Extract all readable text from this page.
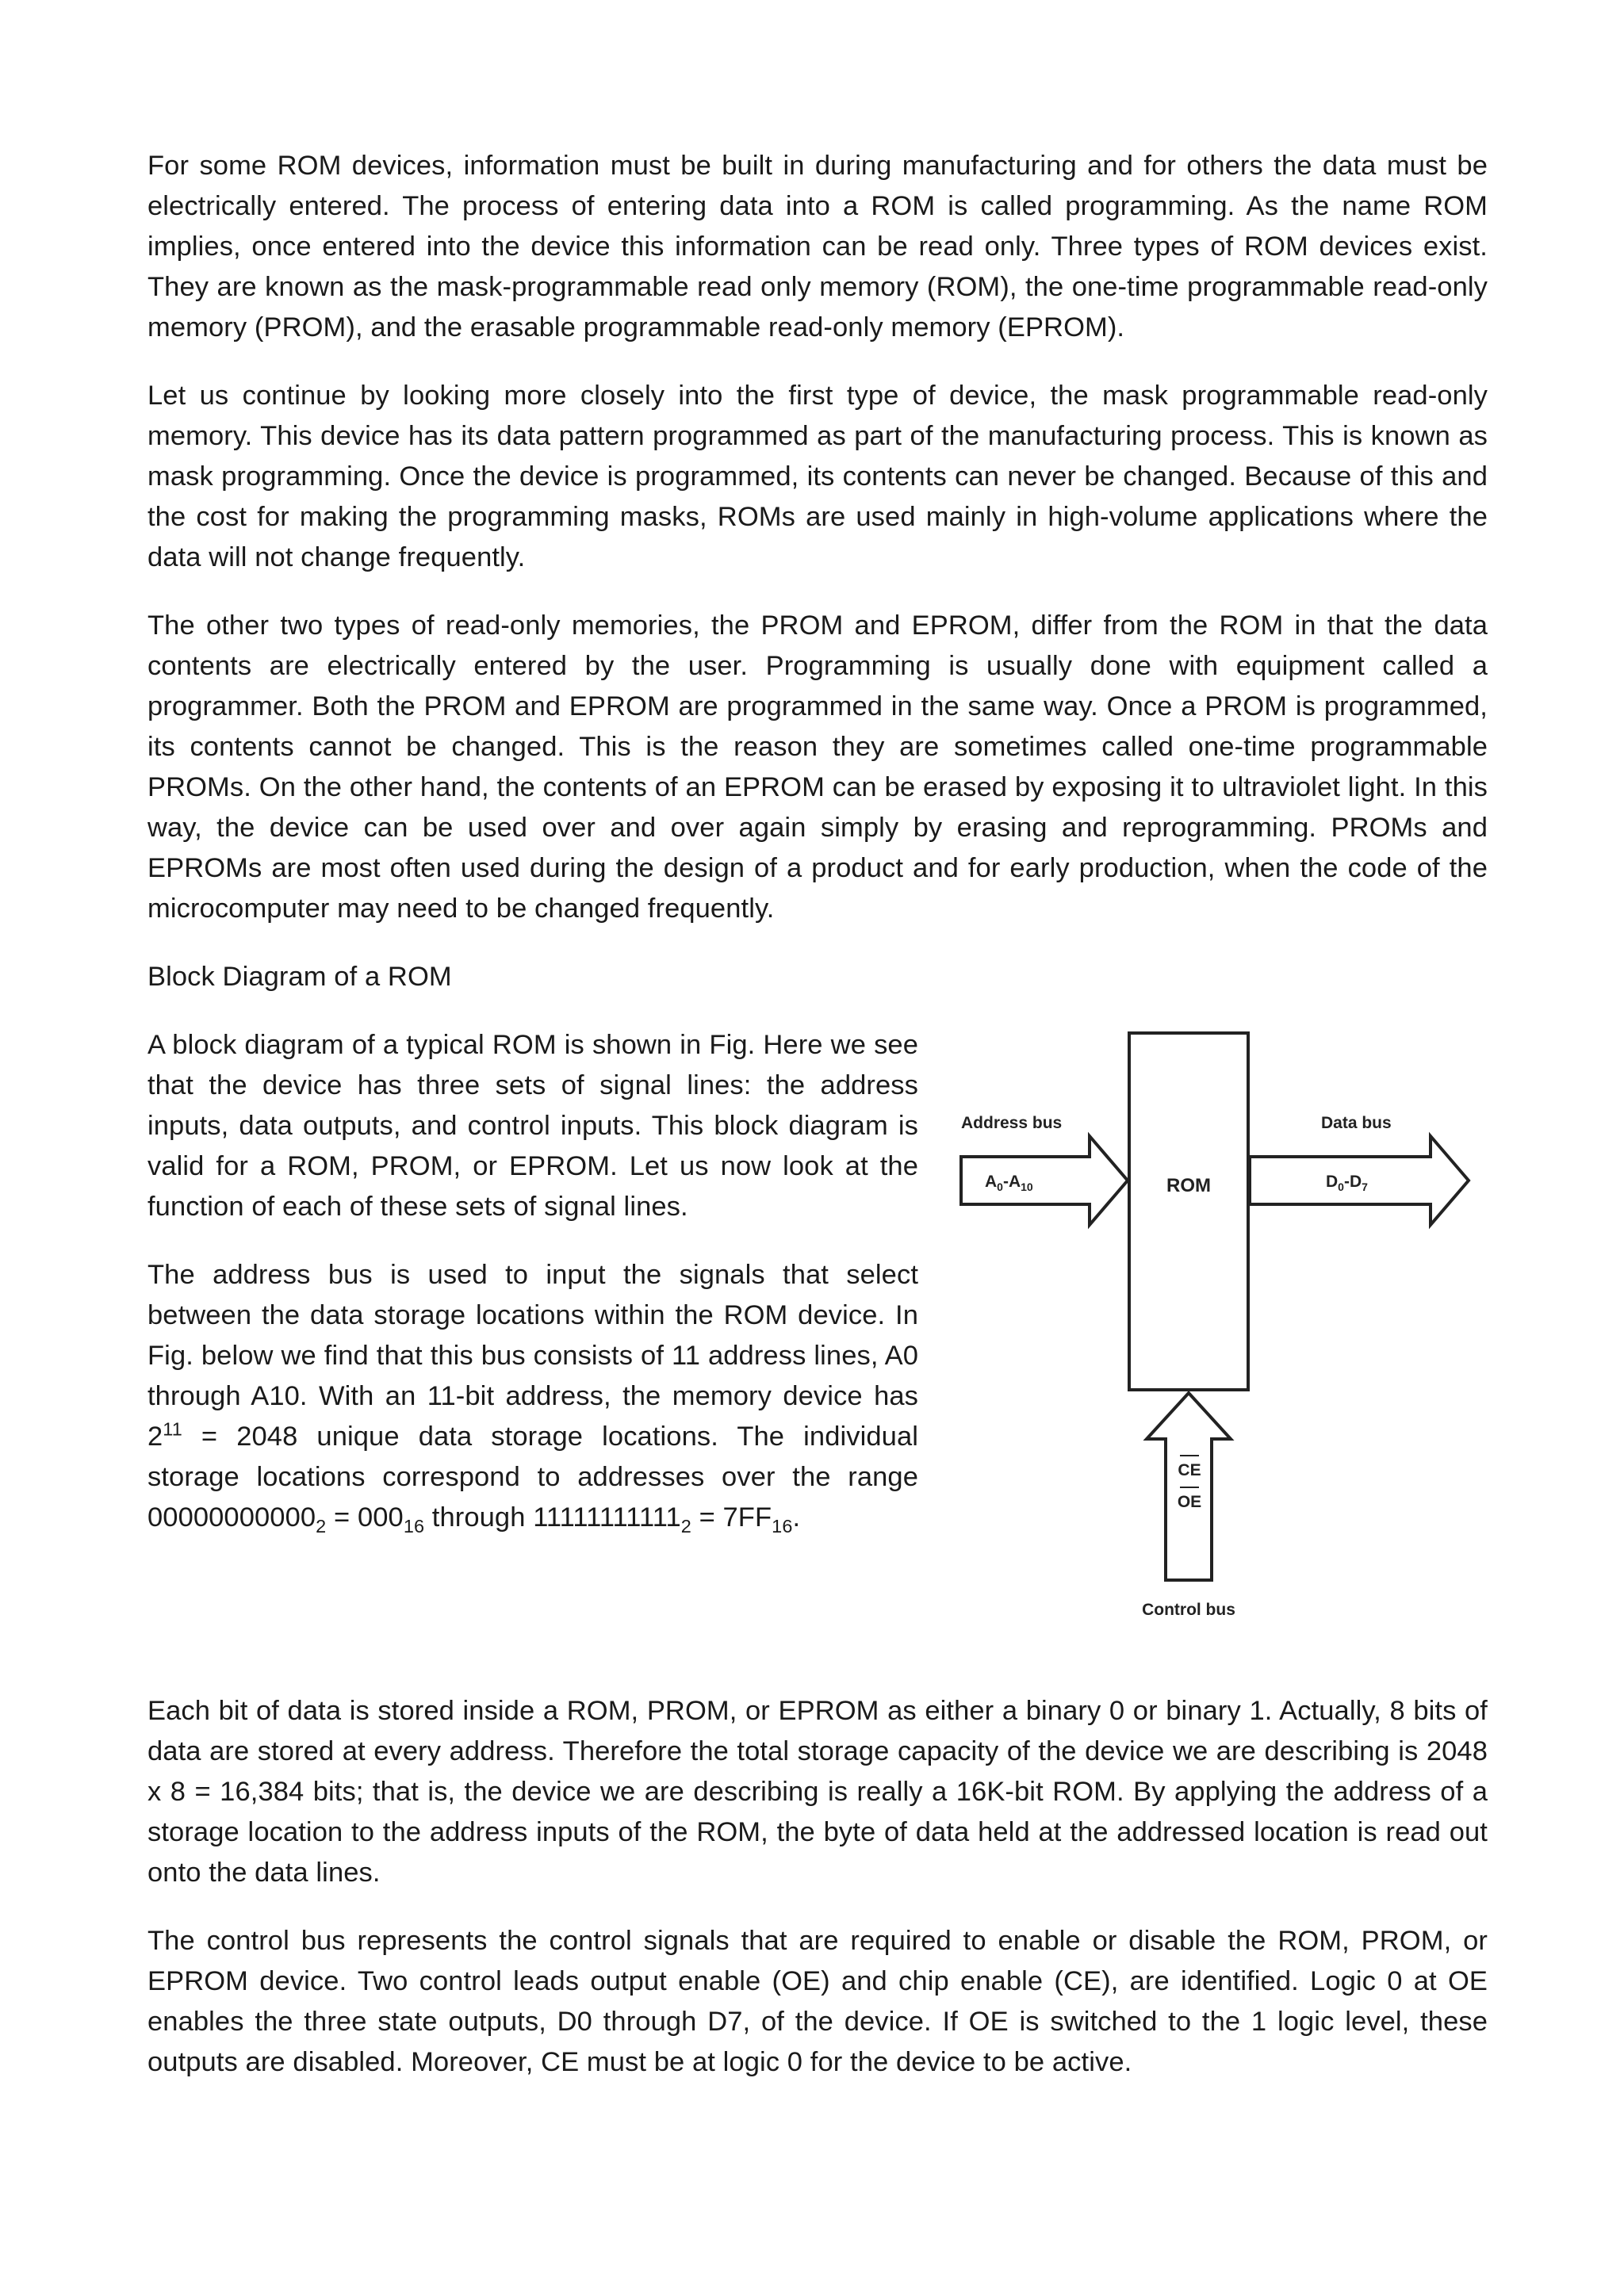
For some ROM devices, information must be built in during manufacturing and for others the data must be electrically entered. The process of entering data into a ROM is called programming. As the name ROM implies, once entered into the device this information can be read only. Three types of ROM devices exist. They are known as the mask-programmable read only memory (ROM), the one-time programmable read-only memory (PROM), and the erasable programmable read-only memory (EPROM).

Let us continue by looking more closely into the first type of device, the mask programmable read-only memory. This device has its data pattern programmed as part of the manufacturing process. This is known as mask programming. Once the device is programmed, its contents can never be changed. Because of this and the cost for making the programming masks, ROMs are used mainly in high-volume applications where the data will not change frequently.

The other two types of read-only memories, the PROM and EPROM, differ from the ROM in that the data contents are electrically entered by the user. Programming is usually done with equipment called a programmer. Both the PROM and EPROM are programmed in the same way. Once a PROM is programmed, its contents cannot be changed. This is the reason they are sometimes called one-time programmable PROMs. On the other hand, the contents of an EPROM can be erased by exposing it to ultraviolet light. In this way, the device can be used over and over again simply by erasing and reprogramming. PROMs and EPROMs are most often used during the design of a product and for early production, when the code of the microcomputer may need to be changed frequently.

Block Diagram of a ROM

A block diagram of a typical ROM is shown in Fig. Here we see that the device has three sets of signal lines: the address inputs, data outputs, and control inputs. This block diagram is valid for a ROM, PROM, or EPROM. Let us now look at the function of each of these sets of signal lines.

The address bus is used to input the signals that select between the data storage locations within the ROM device. In Fig. below we find that this bus consists of 11 address lines, A0 through A10. With an 11-bit address, the memory device has $2^{11} = 2048$ unique data storage locations. The individual storage locations correspond to addresses over the range $00000000000_2 = 000_{16}$ through $11111111111_2 = 7FF_{16}$.

ROM
Address bus
$A_0-A_{10}$
Data bus
$D_0-D_7$
CE
OE
Control bus

Each bit of data is stored inside a ROM, PROM, or EPROM as either a binary 0 or binary 1. Actually, 8 bits of data are stored at every address. Therefore the total storage capacity of the device we are describing is 2048 x 8 = 16,384 bits; that is, the device we are describing is really a 16K-bit ROM. By applying the address of a storage location to the address inputs of the ROM, the byte of data held at the addressed location is read out onto the data lines.

The control bus represents the control signals that are required to enable or disable the ROM, PROM, or EPROM device. Two control leads output enable (OE) and chip enable (CE), are identified. Logic 0 at OE enables the three state outputs, D0 through D7, of the device. If OE is switched to the 1 logic level, these outputs are disabled. Moreover, CE must be at logic 0 for the device to be active.
